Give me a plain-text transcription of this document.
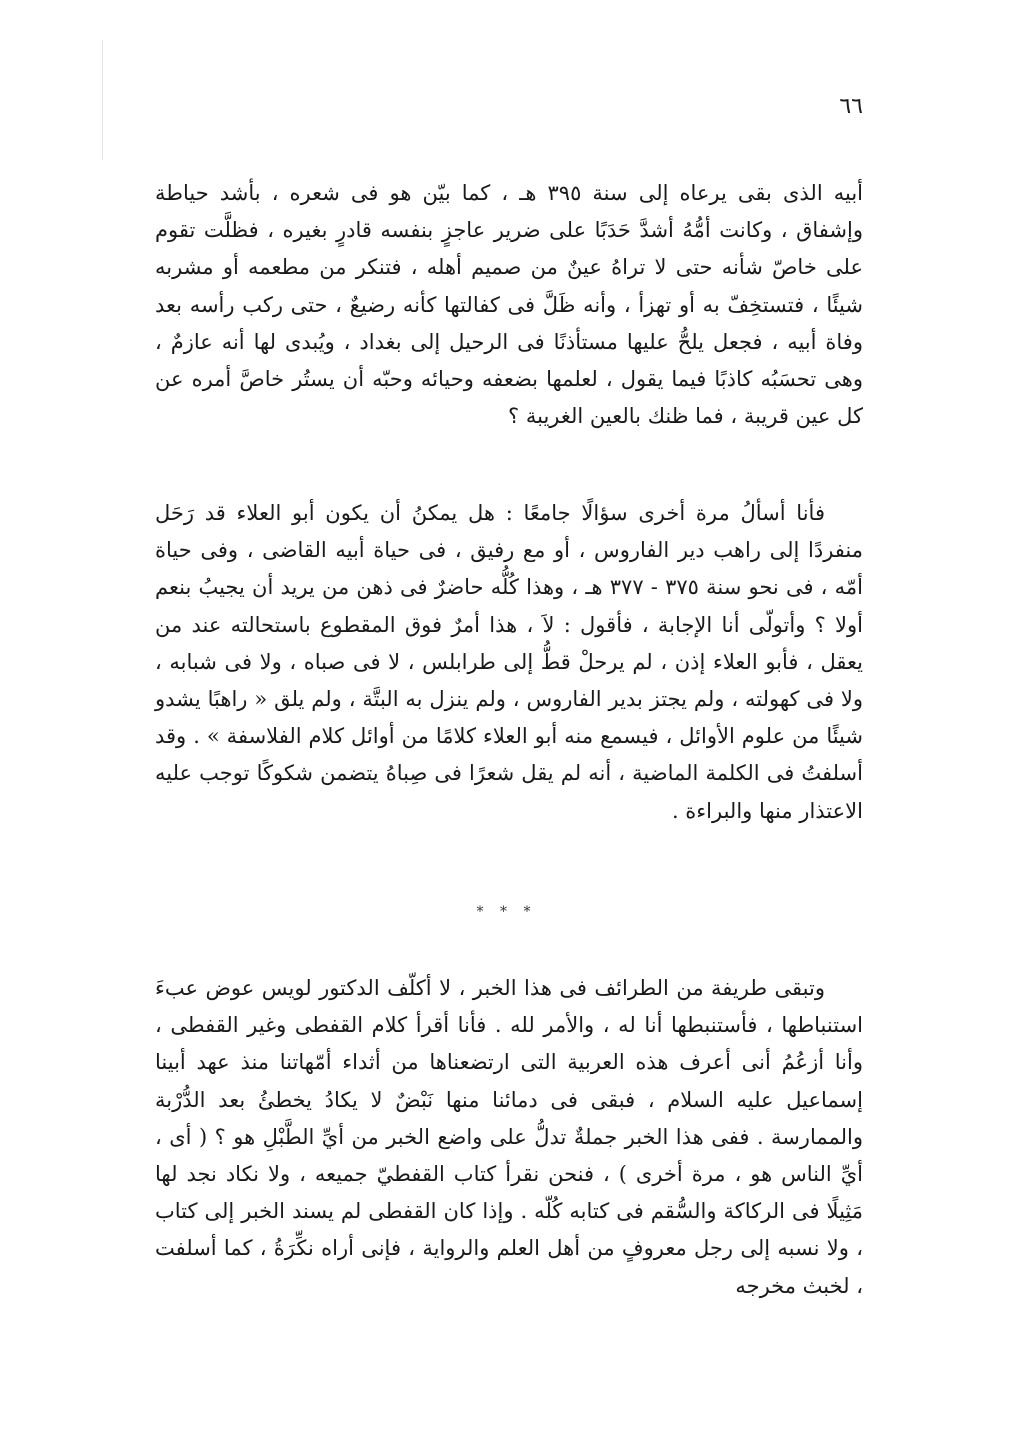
٦٦

أبيه الذى بقى يرعاه إلى سنة ٣٩٥ هـ ، كما بيّن هو فى شعره ، بأشد حياطة وإشفاق ، وكانت أمُّهُ أشدَّ حَدَبًا على ضرير عاجزٍ بنفسه قادرٍ بغيره ، فظلَّت تقوم على خاصّ شأنه حتى لا تراهُ عينٌ من صميم أهله ، فتنكر من مطعمه أو مشربه شيئًا ، فتستخِفّ به أو تهزأ ، وأنه ظَلَّ فى كفالتها كأنه رضيعٌ ، حتى ركب رأسه بعد وفاة أبيه ، فجعل يلحُّ عليها مستأذنًا فى الرحيل إلى بغداد ، ويُبدى لها أنه عازمٌ ، وهى تحسَبُه كاذبًا فيما يقول ، لعلمها بضعفه وحيائه وحبّه أن يستُر خاصَّ أمره عن كل عين قريبة ، فما ظنك بالعين الغريبة ؟

فأنا أسألُ مرة أخرى سؤالًا جامعًا : هل يمكنُ أن يكون أبو العلاء قد رَحَل منفردًا إلى راهب دير الفاروس ، أو مع رفيق ، فى حياة أبيه القاضى ، وفى حياة أمّه ، فى نحو سنة ٣٧٥ - ٣٧٧ هـ ، وهذا كُلُّه حاضرٌ فى ذهن من يريد أن يجيبُ بنعم أولا ؟ وأتولّى أنا الإجابة ، فأقول : لاَ ، هذا أمرٌ فوق المقطوع باستحالته عند من يعقل ، فأبو العلاء إذن ، لم يرحلْ قطُّ إلى طرابلس ، لا فى صباه ، ولا فى شبابه ، ولا فى كهولته ، ولم يجتز بدير الفاروس ، ولم ينزل به البتَّة ، ولم يلق « راهبًا يشدو شيئًا من علوم الأوائل ، فيسمع منه أبو العلاء كلامًا من أوائل كلام الفلاسفة » . وقد أسلفتُ فى الكلمة الماضية ، أنه لم يقل شعرًا فى صِباهُ يتضمن شكوكًا توجب عليه الاعتذار منها والبراءة .

* * *

وتبقى طريفة من الطرائف فى هذا الخبر ، لا أكلّف الدكتور لويس عوض عبءَ استنباطها ، فأستنبطها أنا له ، والأمر لله . فأنا أقرأ كلام القفطى وغير القفطى ، وأنا أزعُمُ أنى أعرف هذه العربية التى ارتضعناها من أثداء أمّهاتنا منذ عهد أبينا إسماعيل عليه السلام ، فبقى فى دمائنا منها نَبْضٌ لا يكادُ يخطئُ بعد الدُّرْبة والممارسة . ففى هذا الخبر جملةٌ تدلُّ على واضع الخبر من أيِّ الطَّبْلِ هو ؟ ( أى ، أيِّ الناس هو ، مرة أخرى ) ، فنحن نقرأ كتاب القفطيّ جميعه ، ولا نكاد نجد لها مَثِيلًا فى الركاكة والسُّقم فى كتابه كُلّه . وإذا كان القفطى لم يسند الخبر إلى كتاب ، ولا نسبه إلى رجل معروفٍ من أهل العلم والرواية ، فإنى أراه نكِّرَةُ ، كما أسلفت ، لخبث مخرجه
